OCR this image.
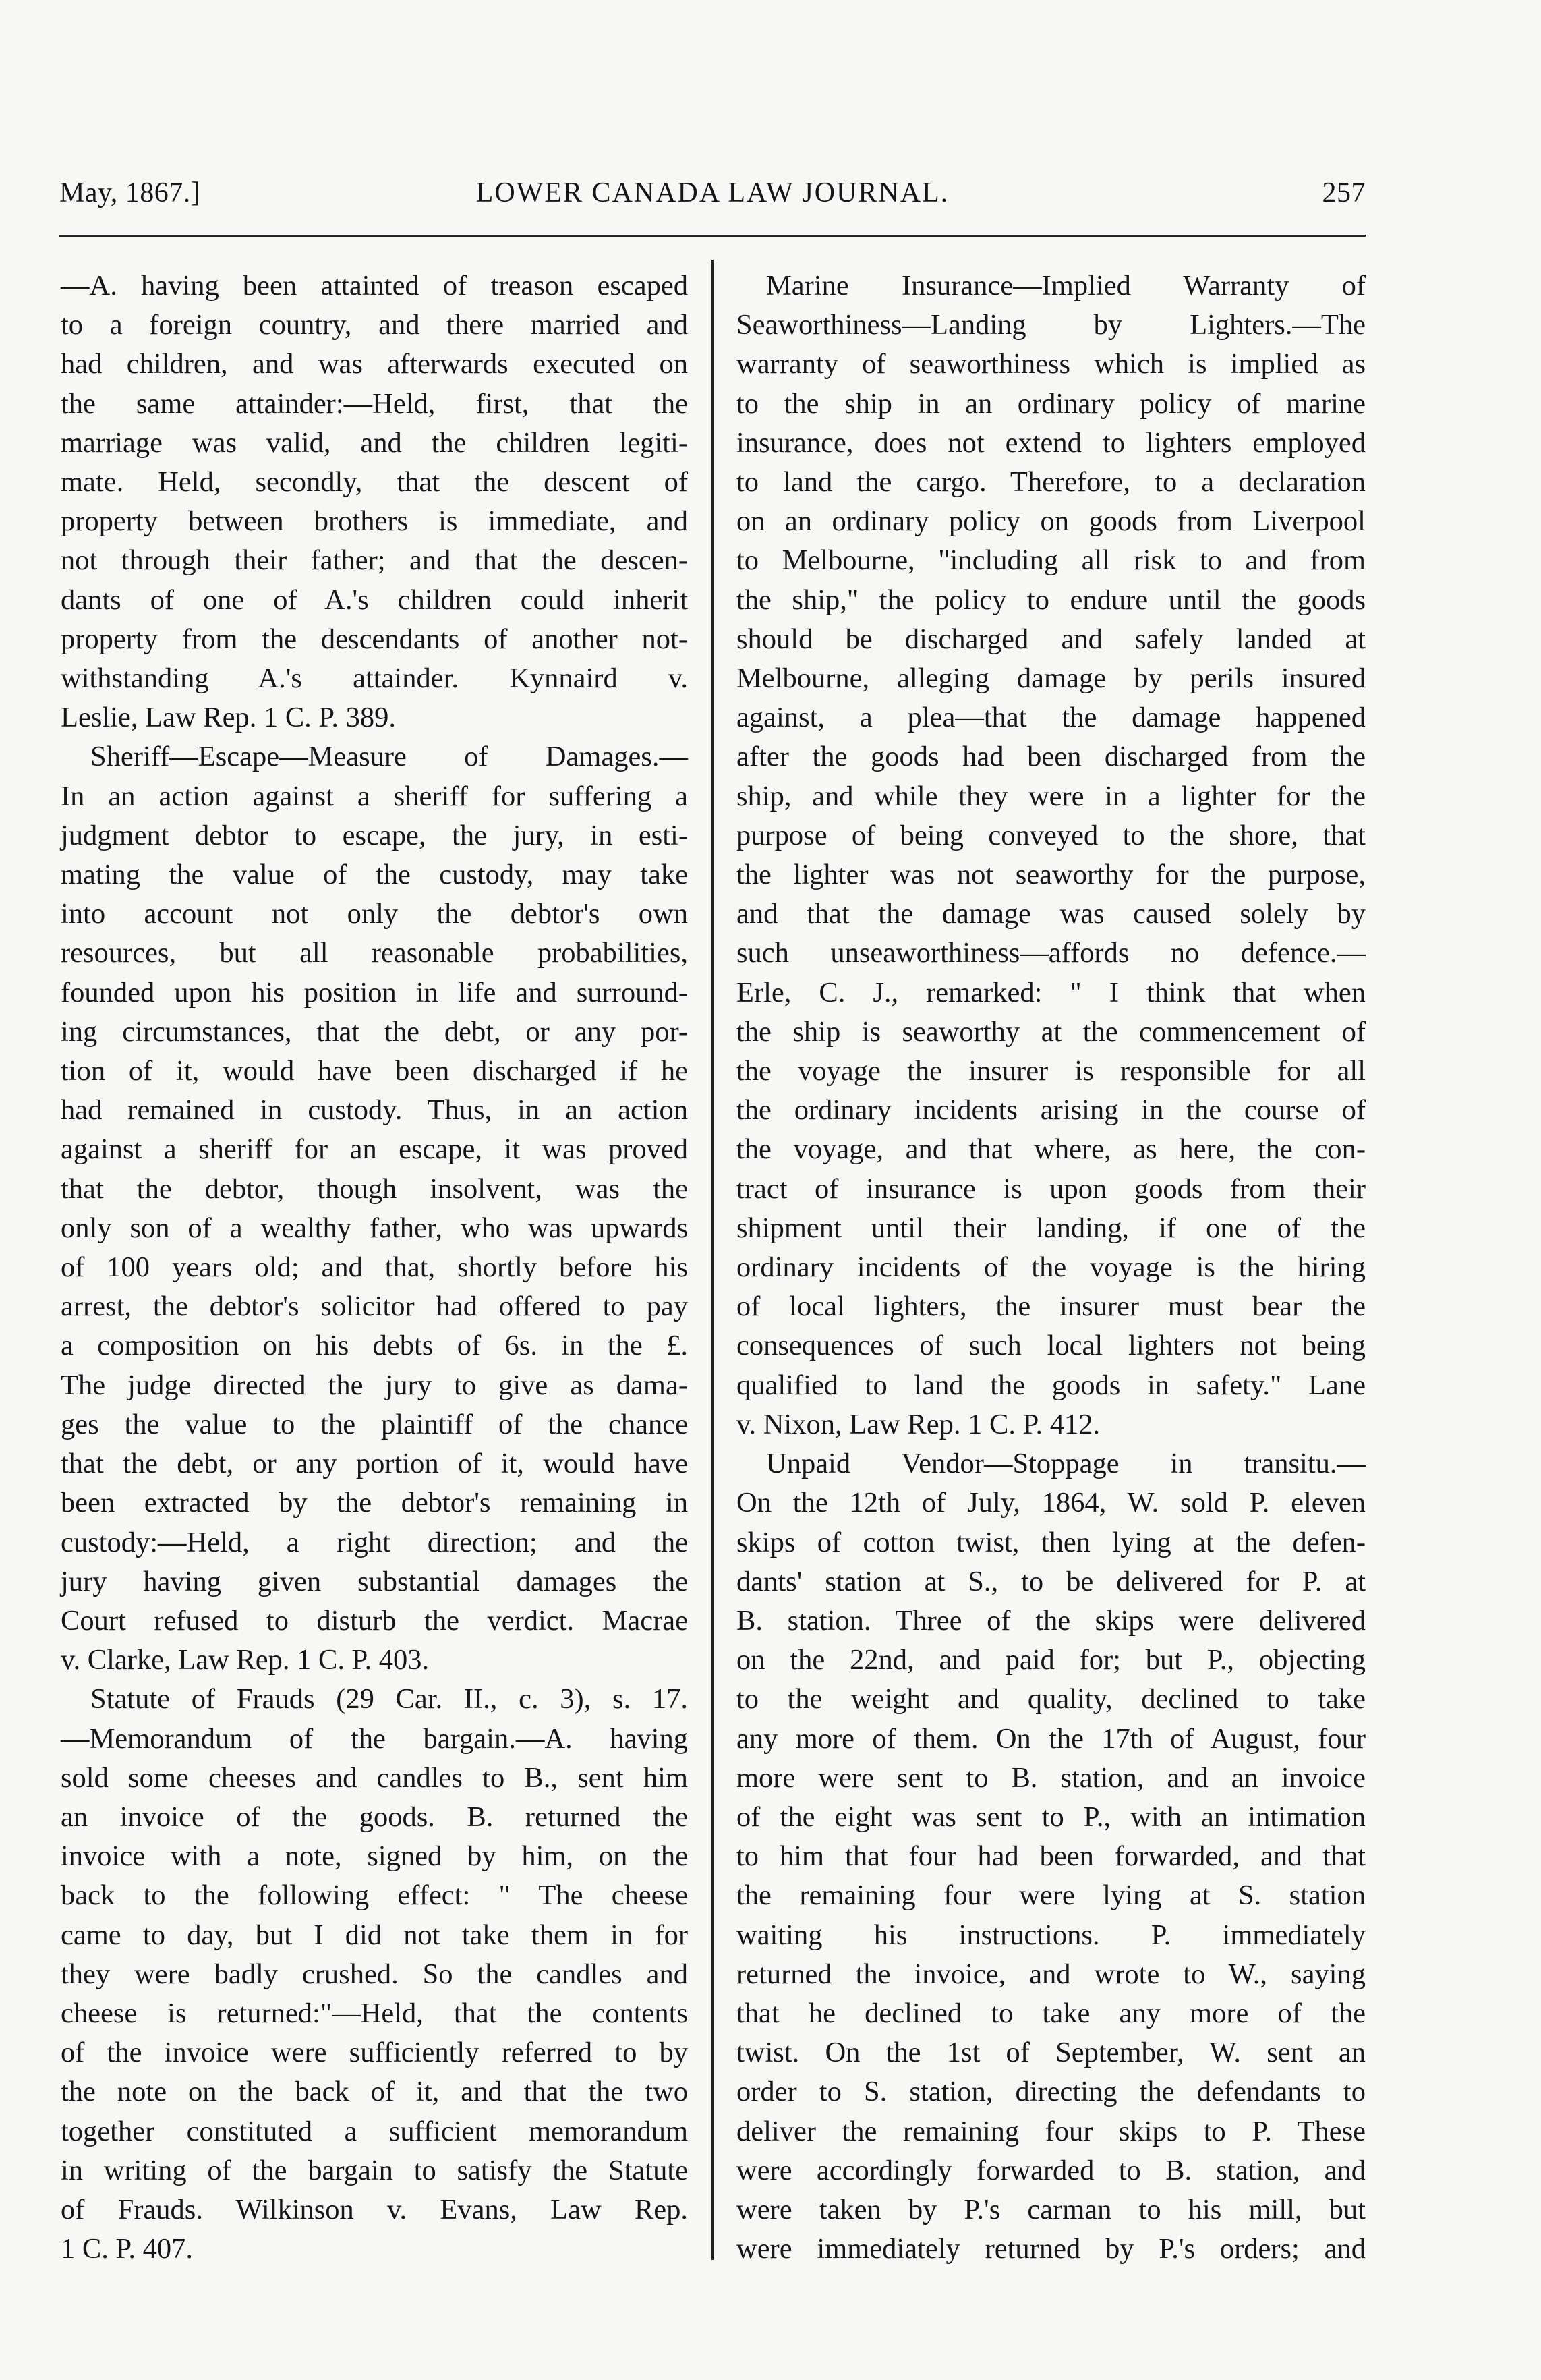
May, 1867.]	LOWER CANADA LAW JOURNAL.	257
—A. having been attainted of treason escaped
to a foreign country, and there married and
had children, and was afterwards executed on
the same attainder:—Held, first, that the
marriage was valid, and the children legiti-
mate. Held, secondly, that the descent of
property between brothers is immediate, and
not through their father; and that the descen-
dants of one of A.'s children could inherit
property from the descendants of another not-
withstanding A.'s attainder. Kynnaird v.
Leslie, Law Rep. 1 C. P. 389.
Sheriff—Escape—Measure of Damages.—
In an action against a sheriff for suffering a
judgment debtor to escape, the jury, in esti-
mating the value of the custody, may take
into account not only the debtor's own
resources, but all reasonable probabilities,
founded upon his position in life and surround-
ing circumstances, that the debt, or any por-
tion of it, would have been discharged if he
had remained in custody. Thus, in an action
against a sheriff for an escape, it was proved
that the debtor, though insolvent, was the
only son of a wealthy father, who was upwards
of 100 years old; and that, shortly before his
arrest, the debtor's solicitor had offered to pay
a composition on his debts of 6s. in the £.
The judge directed the jury to give as dama-
ges the value to the plaintiff of the chance
that the debt, or any portion of it, would have
been extracted by the debtor's remaining in
custody:—Held, a right direction; and the
jury having given substantial damages the
Court refused to disturb the verdict. Macrae
v. Clarke, Law Rep. 1 C. P. 403.
Statute of Frauds (29 Car. II., c. 3), s. 17.
—Memorandum of the bargain.—A. having
sold some cheeses and candles to B., sent him
an invoice of the goods. B. returned the
invoice with a note, signed by him, on the
back to the following effect: " The cheese
came to day, but I did not take them in for
they were badly crushed. So the candles and
cheese is returned:"—Held, that the contents
of the invoice were sufficiently referred to by
the note on the back of it, and that the two
together constituted a sufficient memorandum
in writing of the bargain to satisfy the Statute
of Frauds. Wilkinson v. Evans, Law Rep.
1 C. P. 407.
Marine Insurance—Implied Warranty of
Seaworthiness—Landing by Lighters.—The
warranty of seaworthiness which is implied as
to the ship in an ordinary policy of marine
insurance, does not extend to lighters employed
to land the cargo. Therefore, to a declaration
on an ordinary policy on goods from Liverpool
to Melbourne, "including all risk to and from
the ship," the policy to endure until the goods
should be discharged and safely landed at
Melbourne, alleging damage by perils insured
against, a plea—that the damage happened
after the goods had been discharged from the
ship, and while they were in a lighter for the
purpose of being conveyed to the shore, that
the lighter was not seaworthy for the purpose,
and that the damage was caused solely by
such unseaworthiness—affords no defence.—
Erle, C. J., remarked: " I think that when
the ship is seaworthy at the commencement of
the voyage the insurer is responsible for all
the ordinary incidents arising in the course of
the voyage, and that where, as here, the con-
tract of insurance is upon goods from their
shipment until their landing, if one of the
ordinary incidents of the voyage is the hiring
of local lighters, the insurer must bear the
consequences of such local lighters not being
qualified to land the goods in safety." Lane
v. Nixon, Law Rep. 1 C. P. 412.
Unpaid Vendor—Stoppage in transitu.—
On the 12th of July, 1864, W. sold P. eleven
skips of cotton twist, then lying at the defen-
dants' station at S., to be delivered for P. at
B. station. Three of the skips were delivered
on the 22nd, and paid for; but P., objecting
to the weight and quality, declined to take
any more of them. On the 17th of August, four
more were sent to B. station, and an invoice
of the eight was sent to P., with an intimation
to him that four had been forwarded, and that
the remaining four were lying at S. station
waiting his instructions. P. immediately
returned the invoice, and wrote to W., saying
that he declined to take any more of the
twist. On the 1st of September, W. sent an
order to S. station, directing the defendants to
deliver the remaining four skips to P. These
were accordingly forwarded to B. station, and
were taken by P.'s carman to his mill, but
were immediately returned by P.'s orders; and
